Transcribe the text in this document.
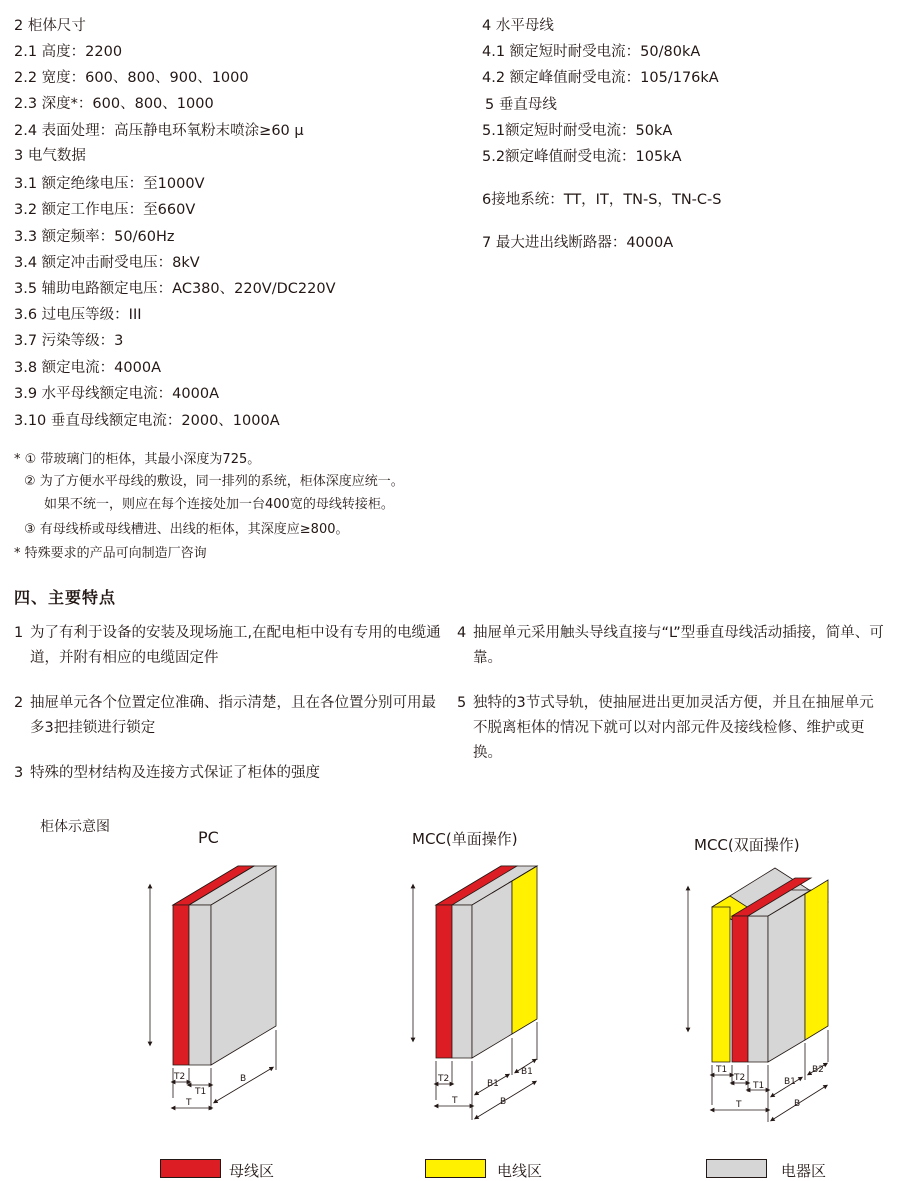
2 柜体尺寸
2.1 高度：2200
2.2 宽度：600、800、900、1000
2.3 深度*：600、800、1000
2.4 表面处理：高压静电环氧粉末喷涂≥60 μ
3 电气数据
3.1 额定绝缘电压：至1000V
3.2 额定工作电压：至660V
3.3 额定频率：50/60Hz
3.4 额定冲击耐受电压：8kV
3.5 辅助电路额定电压：AC380、220V/DC220V
3.6 过电压等级：III
3.7 污染等级：3
3.8 额定电流：4000A
3.9 水平母线额定电流：4000A
3.10 垂直母线额定电流：2000、1000A
4 水平母线
4.1 额定短时耐受电流：50/80kA
4.2 额定峰值耐受电流：105/176kA
5 垂直母线
5.1额定短时耐受电流：50kA
5.2额定峰值耐受电流：105kA
6接地系统：TT，IT，TN-S，TN-C-S
7 最大进出线断路器：4000A
* ① 带玻璃门的柜体，其最小深度为725。
② 为了方便水平母线的敷设，同一排列的系统，柜体深度应统一。
如果不统一，则应在每个连接处加一台400宽的母线转接柜。
③ 有母线桥或母线槽进、出线的柜体，其深度应≥800。
* 特殊要求的产品可向制造厂咨询
四、主要特点
1 为了有利于设备的安装及现场施工,在配电柜中设有专用的电缆通道，并附有相应的电缆固定件
2 抽屉单元各个位置定位准确、指示清楚，且在各位置分别可用最多3把挂锁进行锁定
3 特殊的型材结构及连接方式保证了柜体的强度
4 抽屉单元采用触头导线直接与“L”型垂直母线活动插接，简单、可靠。
5 独特的3节式导轨，使抽屉进出更加灵活方便，并且在抽屉单元不脱离柜体的情况下就可以对内部元件及接线检修、维护或更换。
柜体示意图
PC	MCC(单面操作)	MCC(双面操作)
T2
T1
T
B	T2
T
B1
B1
B
T1
T2
T1
T
B1
B2
B
母线区	电线区	电器区
